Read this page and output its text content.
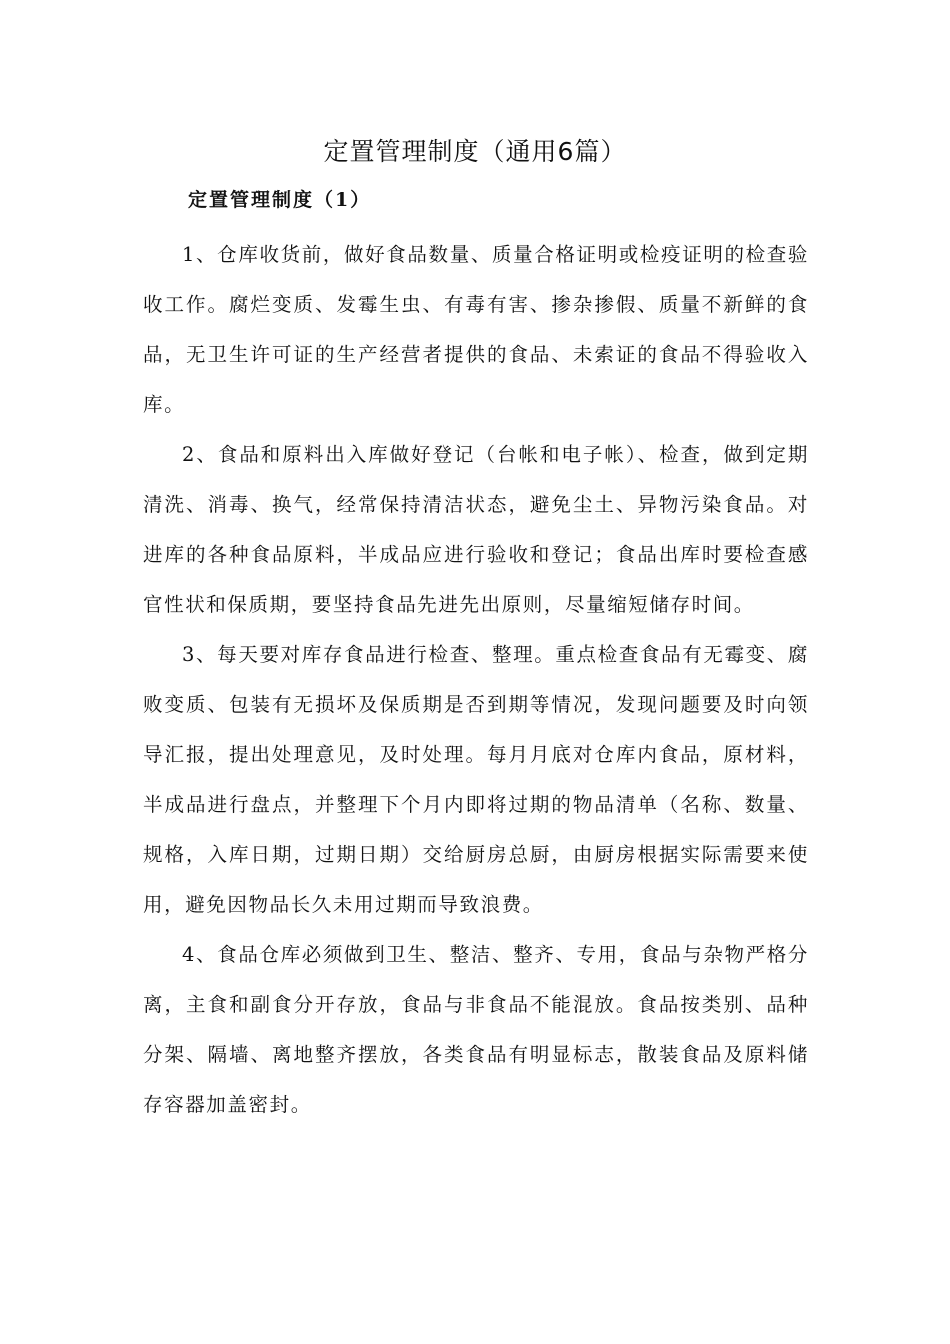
定置管理制度（通用6篇）
定置管理制度（1）

1、仓库收货前，做好食品数量、质量合格证明或检疫证明的检查验收工作。腐烂变质、发霉生虫、有毒有害、掺杂掺假、质量不新鲜的食品，无卫生许可证的生产经营者提供的食品、未索证的食品不得验收入库。

2、食品和原料出入库做好登记（台帐和电子帐）、检查，做到定期清洗、消毒、换气，经常保持清洁状态，避免尘土、异物污染食品。对进库的各种食品原料，半成品应进行验收和登记；食品出库时要检查感官性状和保质期，要坚持食品先进先出原则，尽量缩短储存时间。

3、每天要对库存食品进行检查、整理。重点检查食品有无霉变、腐败变质、包装有无损坏及保质期是否到期等情况，发现问题要及时向领导汇报，提出处理意见，及时处理。每月月底对仓库内食品，原材料，半成品进行盘点，并整理下个月内即将过期的物品清单（名称、数量、规格，入库日期，过期日期）交给厨房总厨，由厨房根据实际需要来使用，避免因物品长久未用过期而导致浪费。

4、食品仓库必须做到卫生、整洁、整齐、专用，食品与杂物严格分离，主食和副食分开存放，食品与非食品不能混放。食品按类别、品种分架、隔墙、离地整齐摆放，各类食品有明显标志，散装食品及原料储存容器加盖密封。
